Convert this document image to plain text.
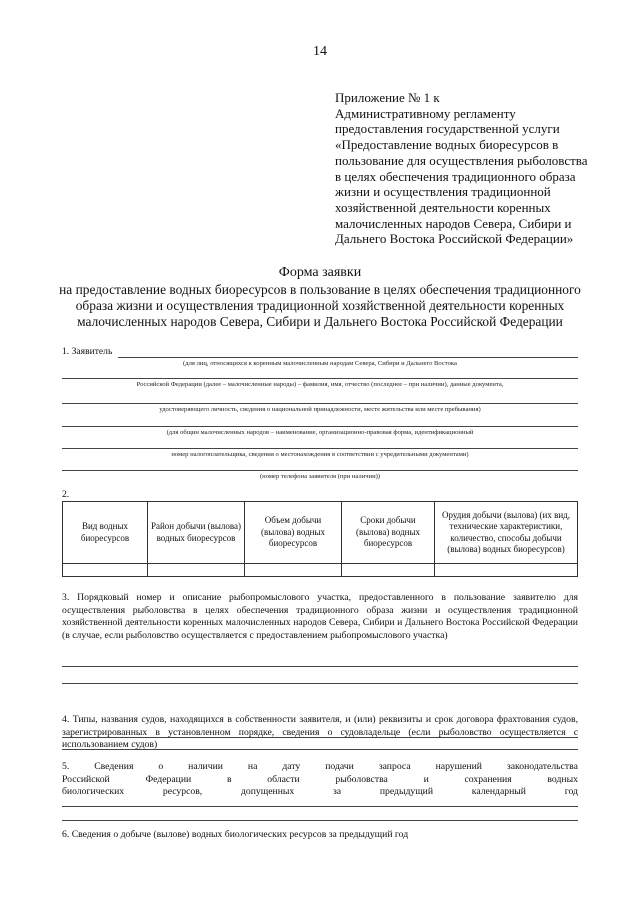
14
Приложение № 1 к
Административному регламенту
предоставления государственной услуги
«Предоставление водных биоресурсов в
пользование для осуществления рыболовства
в целях обеспечения традиционного образа
жизни и осуществления традиционной
хозяйственной деятельности коренных
малочисленных народов Севера, Сибири и
Дальнего Востока Российской Федерации»
Форма заявки
на предоставление водных биоресурсов в пользование в целях обеспечения традиционного
образа жизни и осуществления традиционной хозяйственной деятельности коренных
малочисленных народов Севера, Сибири и Дальнего Востока Российской Федерации
1. Заявитель
(для лиц, относящихся к коренным малочисленным народам Севера, Сибири и Дальнего Востока
Российской Федерации (далее – малочисленные народы) – фамилия, имя, отчество (последнее – при наличии), данные документа,
удостоверяющего личность, сведения о национальной принадлежности, месте жительства или месте пребывания)
(для общин малочисленных народов – наименование, организационно-правовая форма, идентификационный
номер налогоплательщика, сведения о местонахождения в соответствии с учредительными документами)
(номер телефона заявителя (при наличии))
2.
Вид водных биоресурсов	Район добычи (вылова) водных биоресурсов	Объем добычи (вылова) водных биоресурсов	Сроки добычи (вылова) водных биоресурсов	Орудия добычи (вылова) (их вид, технические характеристики, количество, способы добычи (вылова) водных биоресурсов)

3. Порядковый номер и описание рыбопромыслового участка, предоставленного в пользование заявителю для осуществления рыболовства в целях обеспечения традиционного образа жизни и осуществления традиционной хозяйственной деятельности коренных малочисленных народов Севера, Сибири и Дальнего Востока Российской Федерации (в случае, если рыболовство осуществляется с предоставлением рыбопромыслового участка)
4. Типы, названия судов, находящихся в собственности заявителя, и (или) реквизиты и срок договора фрахтования судов, зарегистрированных в установленном порядке, сведения о судовладельце (если рыболовство осуществляется с использованием судов)
5.	Сведения	о	наличии	на	дату	подачи	запроса	нарушений	законодательства
Российской	Федерации	в	области	рыболовства	и	сохранения	водных
биологических	ресурсов,	допущенных	за	предыдущий	календарный	год
6. Сведения о добыче (вылове) водных биологических ресурсов за предыдущий год
